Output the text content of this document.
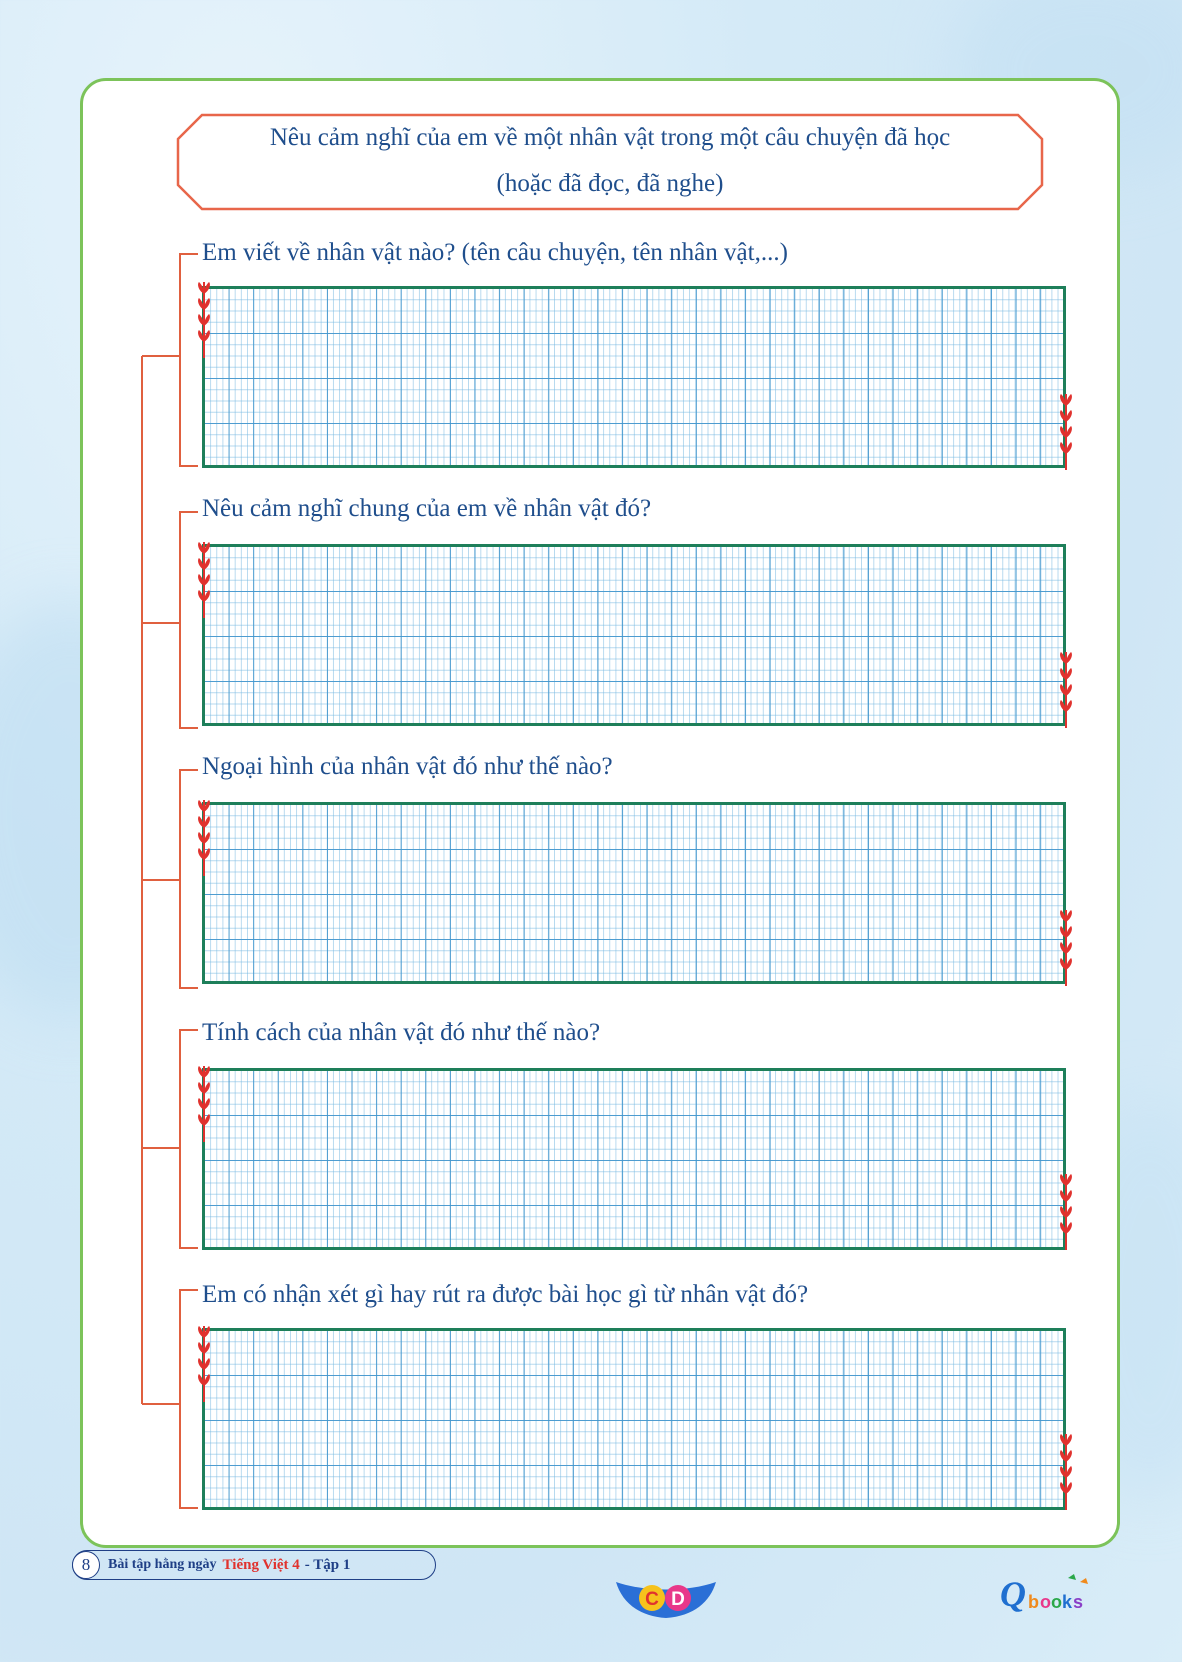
Nêu cảm nghĩ của em về một nhân vật trong một câu chuyện đã học
(hoặc đã đọc, đã nghe)
Em viết về nhân vật nào? (tên câu chuyện, tên nhân vật,...)
Nêu cảm nghĩ chung của em về nhân vật đó?
Ngoại hình của nhân vật đó như thế nào?
Tính cách của nhân vật đó như thế nào?
Em có nhận xét gì hay rút ra được bài học gì từ nhân vật đó?
8	Bài tập hằng ngày Tiếng Việt 4 - Tập 1
C D	Q b o o k s
